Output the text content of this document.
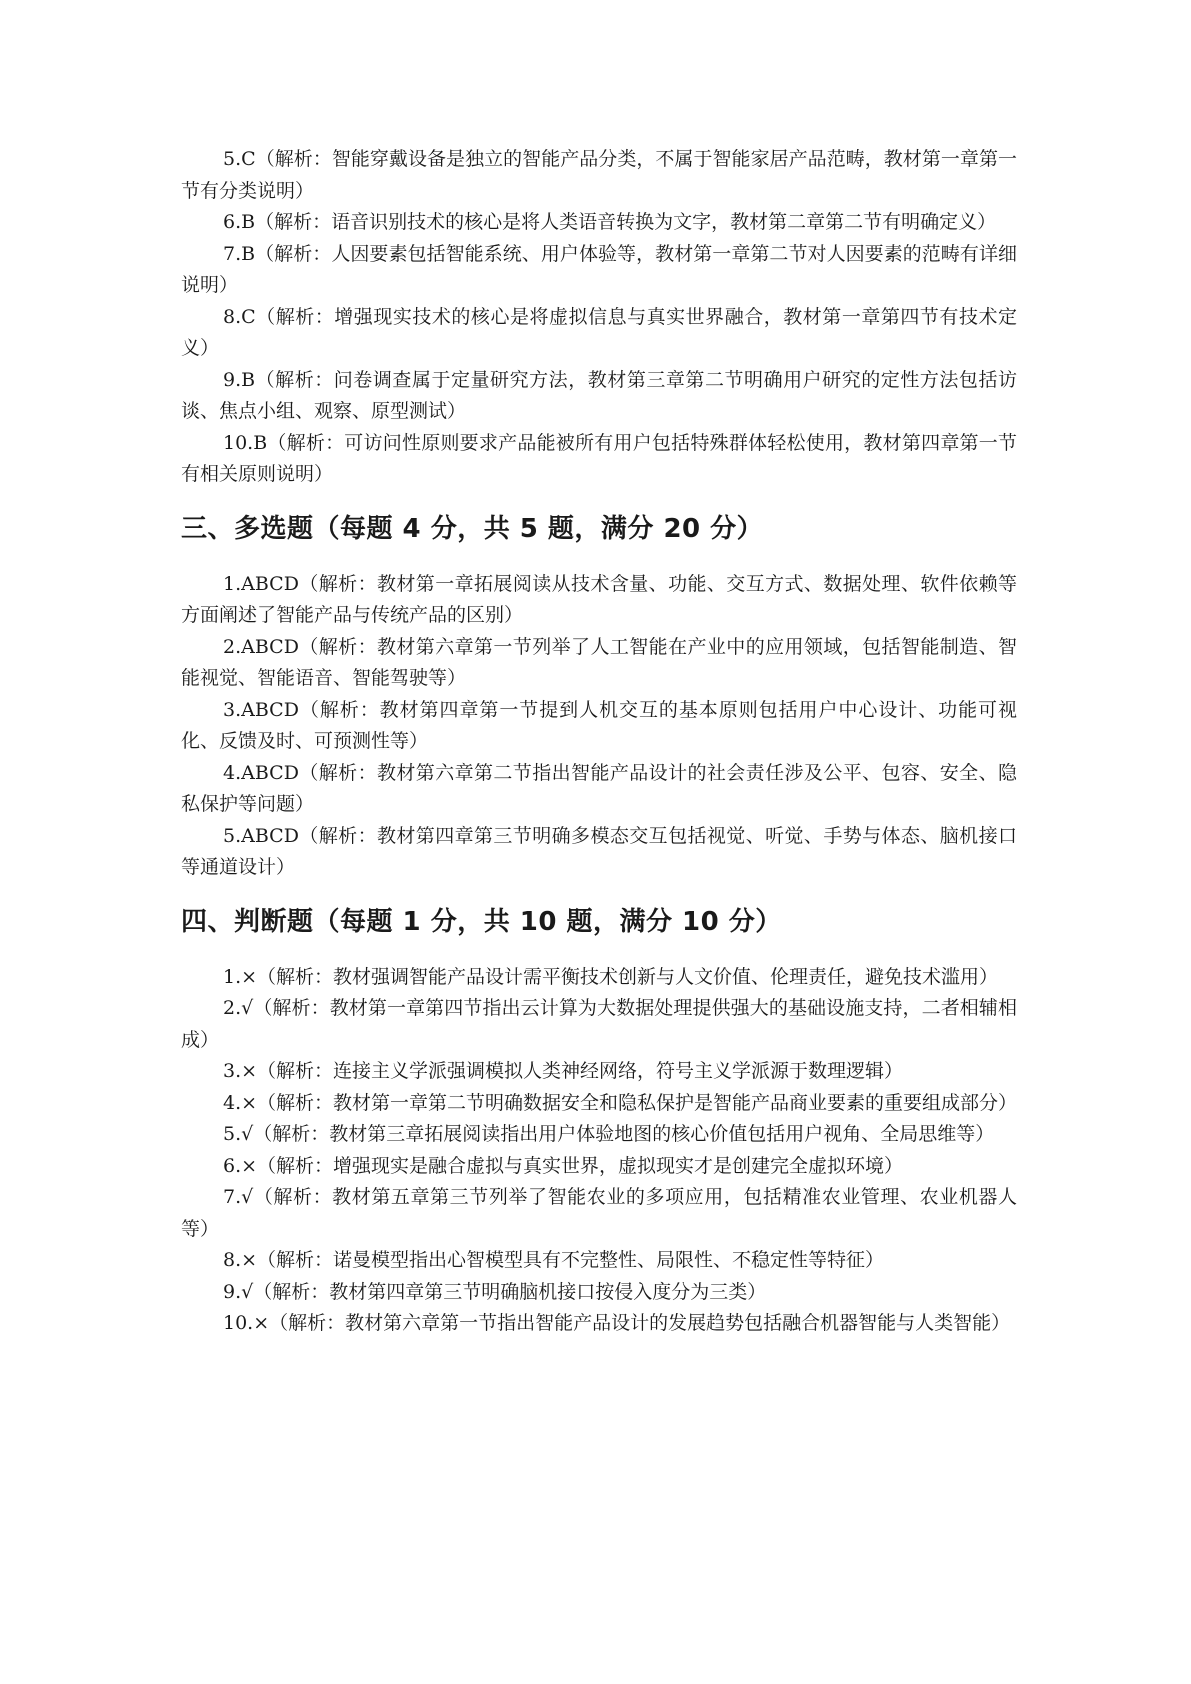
5.C（解析：智能穿戴设备是独立的智能产品分类，不属于智能家居产品范畴，教材第一章第一节有分类说明）

6.B（解析：语音识别技术的核心是将人类语音转换为文字，教材第二章第二节有明确定义）

7.B（解析：人因要素包括智能系统、用户体验等，教材第一章第二节对人因要素的范畴有详细说明）

8.C（解析：增强现实技术的核心是将虚拟信息与真实世界融合，教材第一章第四节有技术定义）

9.B（解析：问卷调查属于定量研究方法，教材第三章第二节明确用户研究的定性方法包括访谈、焦点小组、观察、原型测试）

10.B（解析：可访问性原则要求产品能被所有用户包括特殊群体轻松使用，教材第四章第一节有相关原则说明）

三、多选题（每题 4 分，共 5 题，满分 20 分）

1.ABCD（解析：教材第一章拓展阅读从技术含量、功能、交互方式、数据处理、软件依赖等方面阐述了智能产品与传统产品的区别）

2.ABCD（解析：教材第六章第一节列举了人工智能在产业中的应用领域，包括智能制造、智能视觉、智能语音、智能驾驶等）

3.ABCD（解析：教材第四章第一节提到人机交互的基本原则包括用户中心设计、功能可视化、反馈及时、可预测性等）

4.ABCD（解析：教材第六章第二节指出智能产品设计的社会责任涉及公平、包容、安全、隐私保护等问题）

5.ABCD（解析：教材第四章第三节明确多模态交互包括视觉、听觉、手势与体态、脑机接口等通道设计）

四、判断题（每题 1 分，共 10 题，满分 10 分）

1.×（解析：教材强调智能产品设计需平衡技术创新与人文价值、伦理责任，避免技术滥用）

2.√（解析：教材第一章第四节指出云计算为大数据处理提供强大的基础设施支持，二者相辅相成）

3.×（解析：连接主义学派强调模拟人类神经网络，符号主义学派源于数理逻辑）

4.×（解析：教材第一章第二节明确数据安全和隐私保护是智能产品商业要素的重要组成部分）

5.√（解析：教材第三章拓展阅读指出用户体验地图的核心价值包括用户视角、全局思维等）

6.×（解析：增强现实是融合虚拟与真实世界，虚拟现实才是创建完全虚拟环境）

7.√（解析：教材第五章第三节列举了智能农业的多项应用，包括精准农业管理、农业机器人等）

8.×（解析：诺曼模型指出心智模型具有不完整性、局限性、不稳定性等特征）

9.√（解析：教材第四章第三节明确脑机接口按侵入度分为三类）

10.×（解析：教材第六章第一节指出智能产品设计的发展趋势包括融合机器智能与人类智能）
